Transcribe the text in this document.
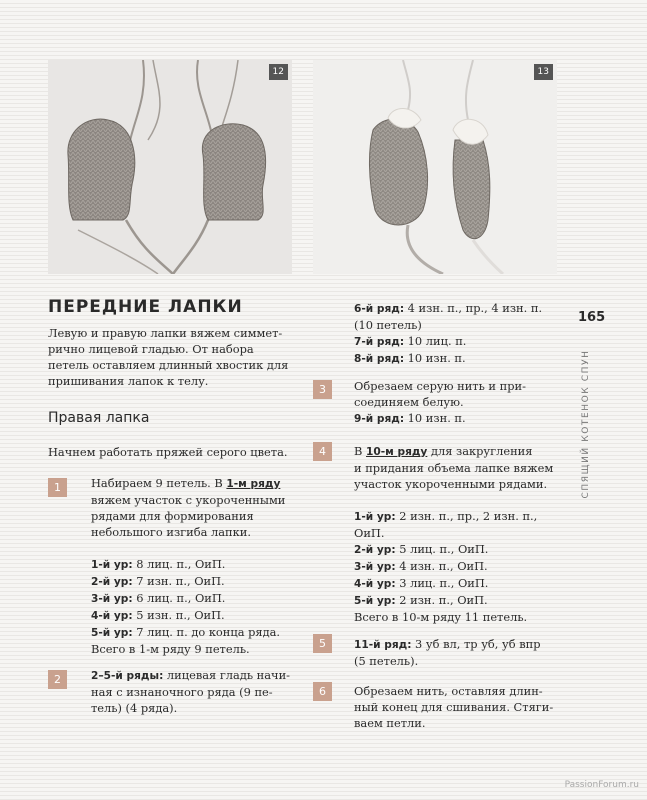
12	13
ПЕРЕДНИЕ ЛАПКИ

Левую и правую лапки вяжем симмет-
рично лицевой гладью. От набора
петель оставляем длинный хвостик для
пришивания лапок к телу.

Правая лапка

Начнем работать пряжей серого цвета.

1	Набираем 9 петель. В 1-м ряду
вяжем участок с укороченными
рядами для формирования
небольшого изгиба лапки.
1-й ур: 8 лиц. п., ОиП.
2-й ур: 7 изн. п., ОиП.
3-й ур: 6 лиц. п., ОиП.
4-й ур: 5 изн. п., ОиП.
5-й ур: 7 лиц. п. до конца ряда.
Всего в 1-м ряду 9 петель.
2	2–5-й ряды: лицевая гладь начи-
ная с изнаночного ряда (9 пе-
тель) (4 ряда).
6-й ряд: 4 изн. п., пр., 4 изн. п.
(10 петель)
7-й ряд: 10 лиц. п.
8-й ряд: 10 изн. п.
3	Обрезаем серую нить и при-
соединяем белую.
9-й ряд: 10 изн. п.
4	В 10-м ряду для закругления
и придания объема лапке вяжем
участок укороченными рядами.
1-й ур: 2 изн. п., пр., 2 изн. п.,
ОиП.
2-й ур: 5 лиц. п., ОиП.
3-й ур: 4 изн. п., ОиП.
4-й ур: 3 лиц. п., ОиП.
5-й ур: 2 изн. п., ОиП.
Всего в 10-м ряду 11 петель.
5	11-й ряд: 3 уб вл, тр уб, уб впр
(5 петель).
6	Обрезаем нить, оставляя длин-
ный конец для сшивания. Стяги-
ваем петли.
165
СПЯЩИЙ КОТЕНОК СПУН
PassionForum.ru
